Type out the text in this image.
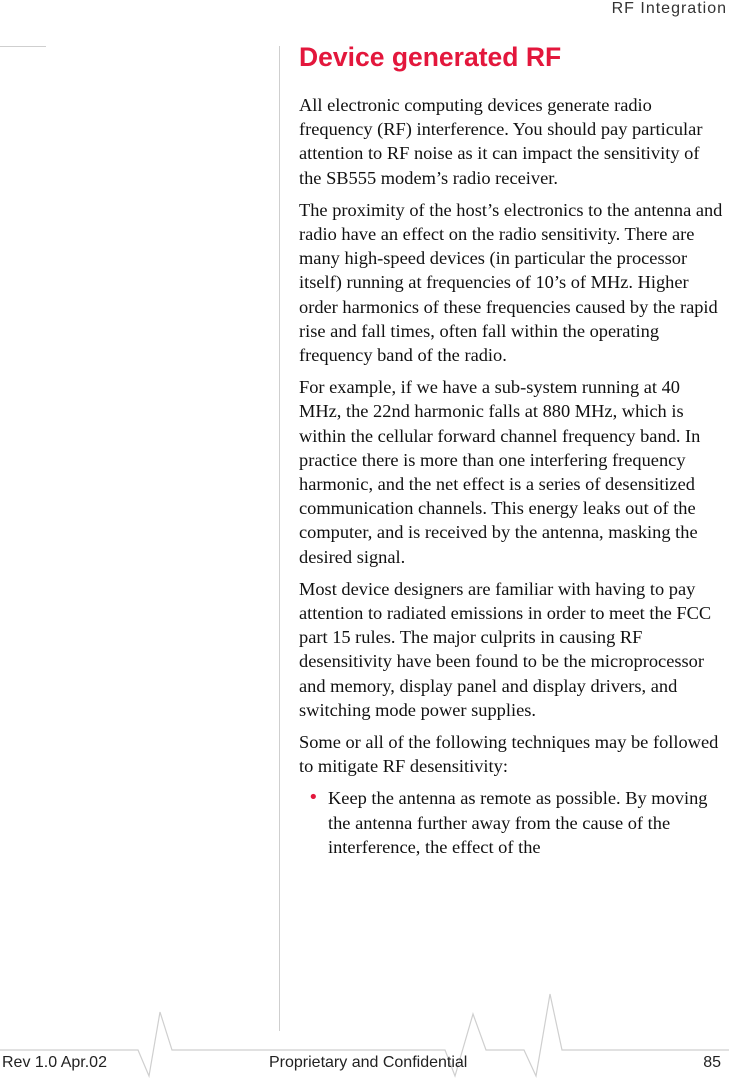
RF Integration
Device generated RF

All electronic computing devices generate radio frequency (RF) interference. You should pay particular attention to RF noise as it can impact the sensitivity of the SB555 modem’s radio receiver.

The proximity of the host’s electronics to the antenna and radio have an effect on the radio sensitivity. There are many high-speed devices (in particular the processor itself) running at frequencies of 10’s of MHz. Higher order harmonics of these frequencies caused by the rapid rise and fall times, often fall within the operating frequency band of the radio.

For example, if we have a sub-system running at 40 MHz, the 22nd harmonic falls at 880 MHz, which is within the cellular forward channel frequency band. In practice there is more than one interfering frequency harmonic, and the net effect is a series of desensitized communication channels. This energy leaks out of the computer, and is received by the antenna, masking the desired signal.

Most device designers are familiar with having to pay attention to radiated emissions in order to meet the FCC part 15 rules. The major culprits in causing RF desensitivity have been found to be the microprocessor and memory, display panel and display drivers, and switching mode power supplies.

Some or all of the following techniques may be followed to mitigate RF desensitivity:

• Keep the antenna as remote as possible. By moving the antenna further away from the cause of the interference, the effect of the
Rev 1.0 Apr.02	Proprietary and Confidential	85
